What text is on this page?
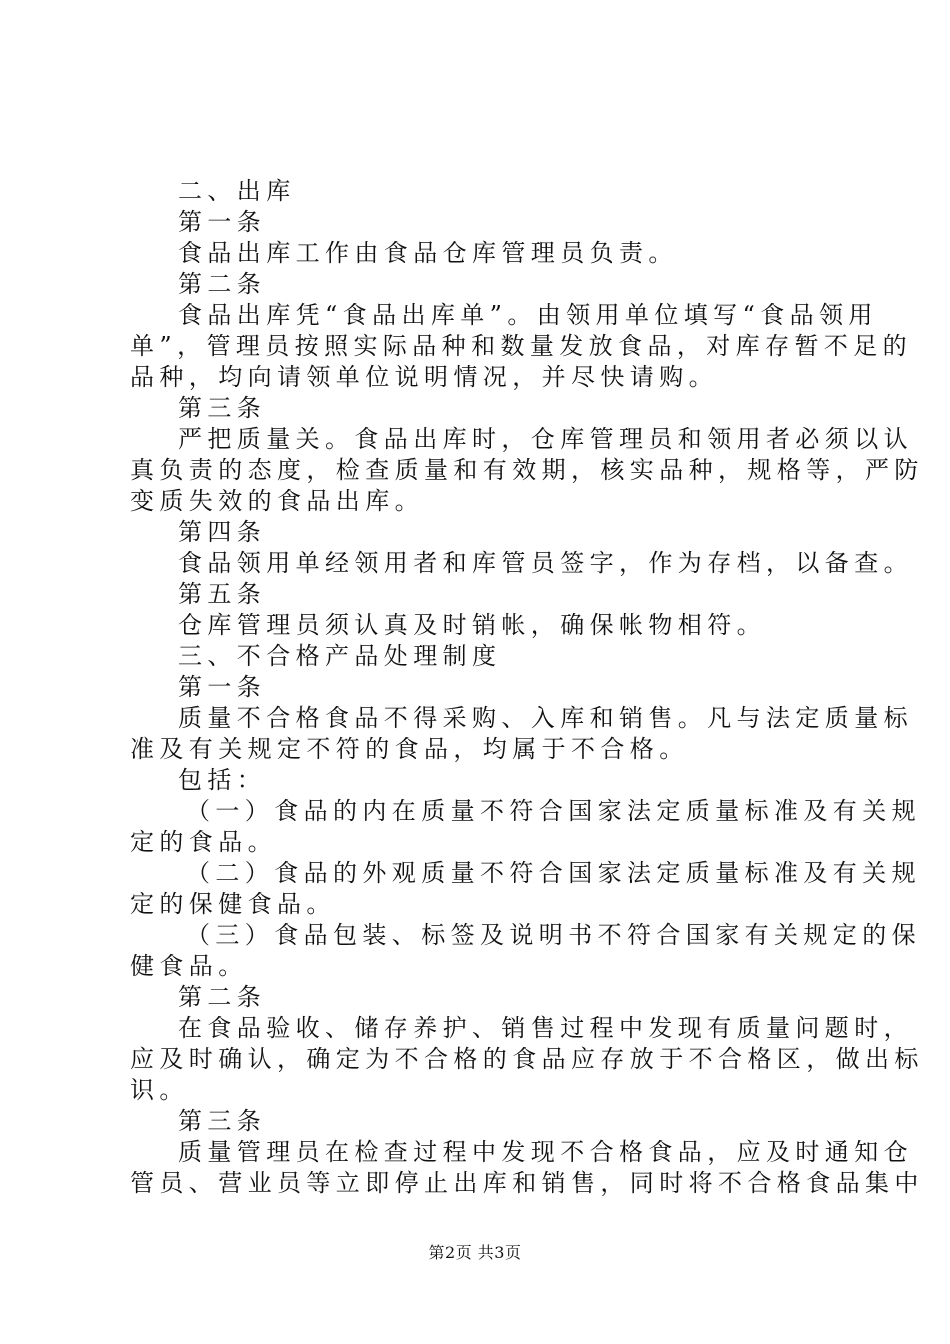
二、出库
第一条
食品出库工作由食品仓库管理员负责。
第二条
食品出库凭“食品出库单”。由领用单位填写“食品领用
单”，管理员按照实际品种和数量发放食品，对库存暂不足的
品种，均向请领单位说明情况，并尽快请购。
第三条
严把质量关。食品出库时，仓库管理员和领用者必须以认
真负责的态度，检查质量和有效期，核实品种，规格等，严防
变质失效的食品出库。
第四条
食品领用单经领用者和库管员签字，作为存档，以备查。
第五条
仓库管理员须认真及时销帐，确保帐物相符。
三、不合格产品处理制度
第一条
质量不合格食品不得采购、入库和销售。凡与法定质量标
准及有关规定不符的食品，均属于不合格。
包括：
（一）食品的内在质量不符合国家法定质量标准及有关规
定的食品。
（二）食品的外观质量不符合国家法定质量标准及有关规
定的保健食品。
（三）食品包装、标签及说明书不符合国家有关规定的保
健食品。
第二条
在食品验收、储存养护、销售过程中发现有质量问题时，
应及时确认，确定为不合格的食品应存放于不合格区，做出标
识。
第三条
质量管理员在检查过程中发现不合格食品，应及时通知仓
管员、营业员等立即停止出库和销售，同时将不合格食品集中
第2页 共3页
